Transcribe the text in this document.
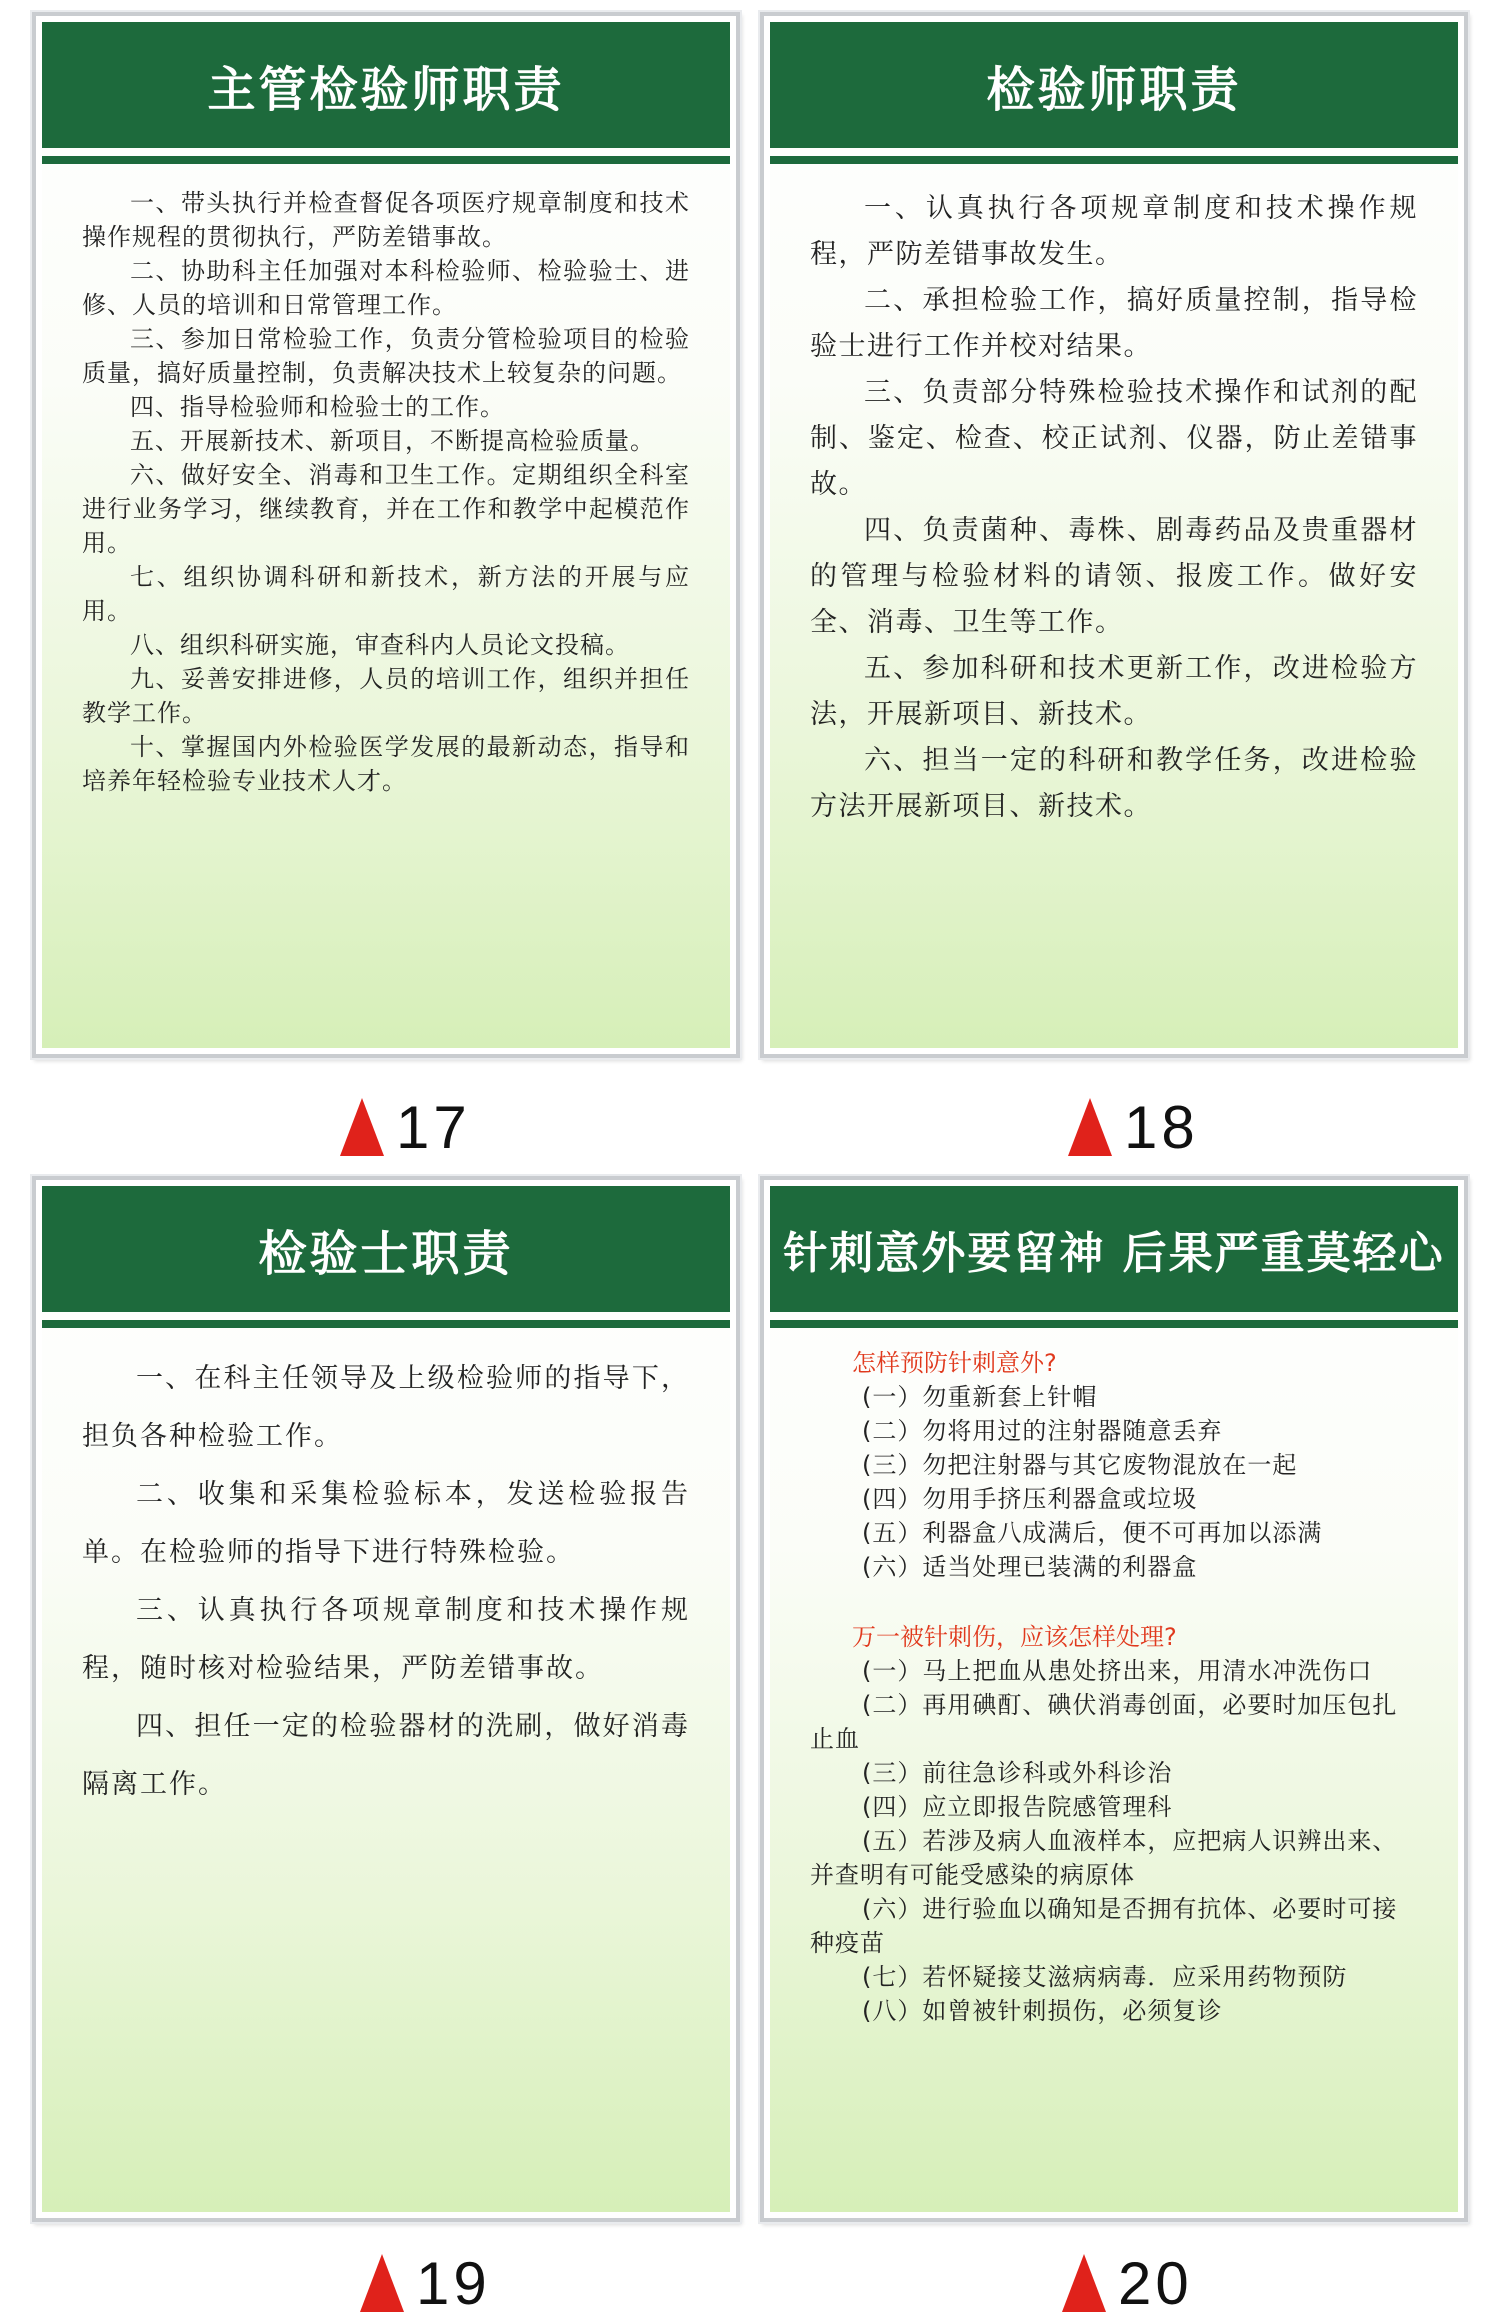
主管检验师职责

一、带头执行并检查督促各项医疗规章制度和技术操作规程的贯彻执行，严防差错事故。

二、协助科主任加强对本科检验师、检验验士、进修、人员的培训和日常管理工作。

三、参加日常检验工作，负责分管检验项目的检验质量，搞好质量控制，负责解决技术上较复杂的问题。

四、指导检验师和检验士的工作。

五、开展新技术、新项目，不断提高检验质量。

六、做好安全、消毒和卫生工作。定期组织全科室进行业务学习，继续教育，并在工作和教学中起模范作用。

七、组织协调科研和新技术，新方法的开展与应用。

八、组织科研实施，审查科内人员论文投稿。

九、妥善安排进修，人员的培训工作，组织并担任教学工作。

十、掌握国内外检验医学发展的最新动态，指导和培养年轻检验专业技术人才。

检验师职责

一、认真执行各项规章制度和技术操作规程，严防差错事故发生。

二、承担检验工作，搞好质量控制，指导检验士进行工作并校对结果。

三、负责部分特殊检验技术操作和试剂的配制、鉴定、检查、校正试剂、仪器，防止差错事故。

四、负责菌种、毒株、剧毒药品及贵重器材的管理与检验材料的请领、报废工作。做好安全、消毒、卫生等工作。

五、参加科研和技术更新工作，改进检验方法，开展新项目、新技术。

六、担当一定的科研和教学任务，改进检验方法开展新项目、新技术。

17	18
检验士职责

一、在科主任领导及上级检验师的指导下，担负各种检验工作。

二、收集和采集检验标本，发送检验报告单。在检验师的指导下进行特殊检验。

三、认真执行各项规章制度和技术操作规程，随时核对检验结果，严防差错事故。

四、担任一定的检验器材的洗刷，做好消毒隔离工作。

针刺意外要留神 后果严重莫轻心

怎样预防针刺意外?

(一）勿重新套上针帽

(二）勿将用过的注射器随意丢弃

(三）勿把注射器与其它废物混放在一起

(四）勿用手挤压利器盒或垃圾

(五）利器盒八成满后，便不可再加以添满

(六）适当处理已装满的利器盒

万一被针刺伤，应该怎样处理?

(一）马上把血从患处挤出来，用清水冲洗伤口

(二）再用碘酊、碘伏消毒创面，必要时加压包扎止血

(三）前往急诊科或外科诊治

(四）应立即报告院感管理科

(五）若涉及病人血液样本，应把病人识辨出来、并查明有可能受感染的病原体

(六）进行验血以确知是否拥有抗体、必要时可接种疫苗

(七）若怀疑接艾滋病病毒．应采用药物预防

(八）如曾被针刺损伤，必须复诊

19	20
